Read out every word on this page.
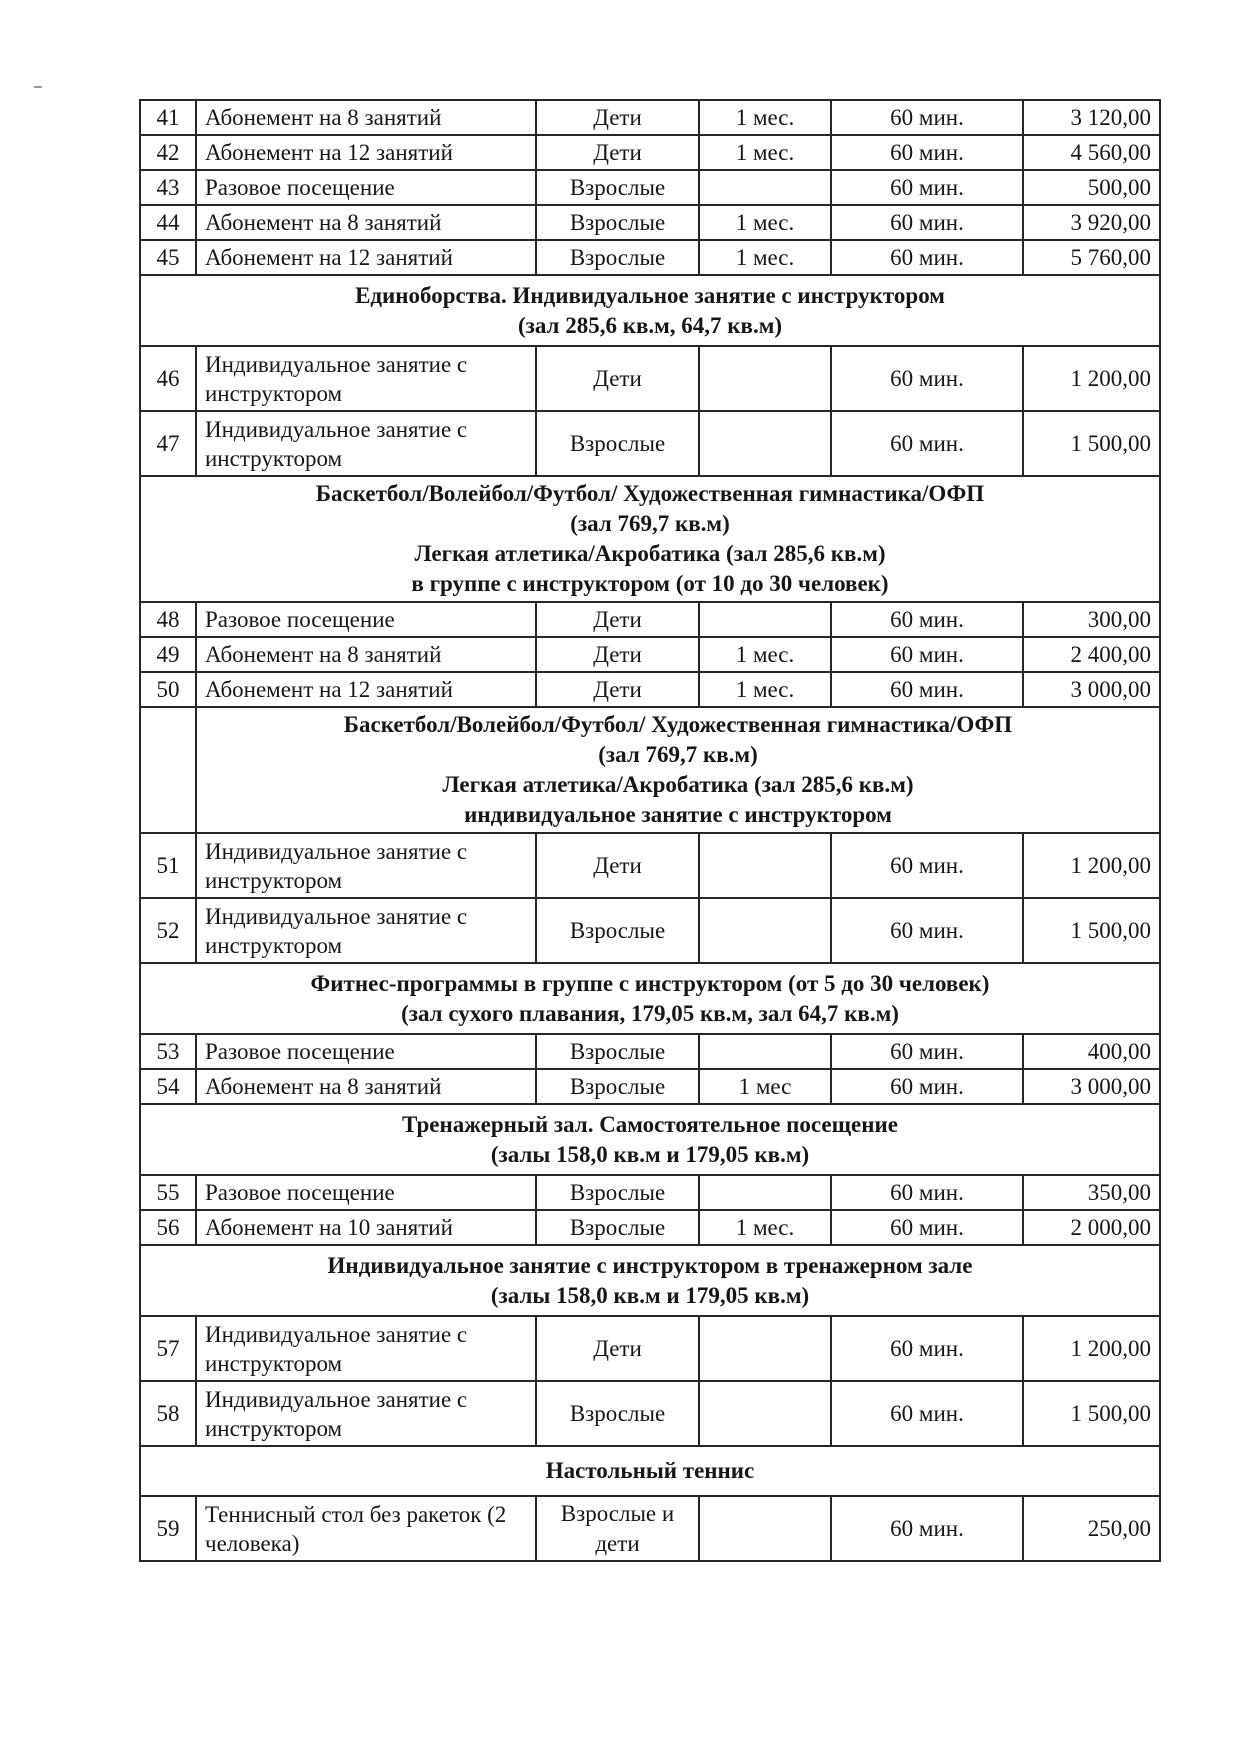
41	Абонемент на 8 занятий	Дети	1 мес.	60 мин.	3 120,00
42	Абонемент на 12 занятий	Дети	1 мес.	60 мин.	4 560,00
43	Разовое посещение	Взрослые		60 мин.	500,00
44	Абонемент на 8 занятий	Взрослые	1 мес.	60 мин.	3 920,00
45	Абонемент на 12 занятий	Взрослые	1 мес.	60 мин.	5 760,00

Единоборства. Индивидуальное занятие с инструктором
(зал 285,6 кв.м, 64,7 кв.м)					

46	Индивидуальное занятие с инструктором	Дети		60 мин.	1 200,00
47	Индивидуальное занятие с инструктором	Взрослые		60 мин.	1 500,00

Баскетбол/Волейбол/Футбол/ Художественная гимнастика/ОФП
(зал 769,7 кв.м)
Легкая атлетика/Акробатика (зал 285,6 кв.м)
в группе с инструктором (от 10 до 30 человек)					

48	Разовое посещение	Дети		60 мин.	300,00
49	Абонемент на 8 занятий	Дети	1 мес.	60 мин.	2 400,00
50	Абонемент на 12 занятий	Дети	1 мес.	60 мин.	3 000,00

	Баскетбол/Волейбол/Футбол/ Художественная гимнастика/ОФП
(зал 769,7 кв.м)
Легкая атлетика/Акробатика (зал 285,6 кв.м)
индивидуальное занятие с инструктором				

51	Индивидуальное занятие с инструктором	Дети		60 мин.	1 200,00
52	Индивидуальное занятие с инструктором	Взрослые		60 мин.	1 500,00

Фитнес-программы в группе с инструктором (от 5 до 30 человек)
(зал сухого плавания, 179,05 кв.м, зал 64,7 кв.м)					

53	Разовое посещение	Взрослые		60 мин.	400,00
54	Абонемент на 8 занятий	Взрослые	1 мес	60 мин.	3 000,00

Тренажерный зал. Самостоятельное посещение
(залы 158,0 кв.м и 179,05 кв.м)					

55	Разовое посещение	Взрослые		60 мин.	350,00
56	Абонемент на 10 занятий	Взрослые	1 мес.	60 мин.	2 000,00

Индивидуальное занятие с инструктором в тренажерном зале
(залы 158,0 кв.м и 179,05 кв.м)					

57	Индивидуальное занятие с инструктором	Дети		60 мин.	1 200,00
58	Индивидуальное занятие с инструктором	Взрослые		60 мин.	1 500,00

Настольный теннис					

59	Теннисный стол без ракеток (2 человека)	Взрослые и дети		60 мин.	250,00
